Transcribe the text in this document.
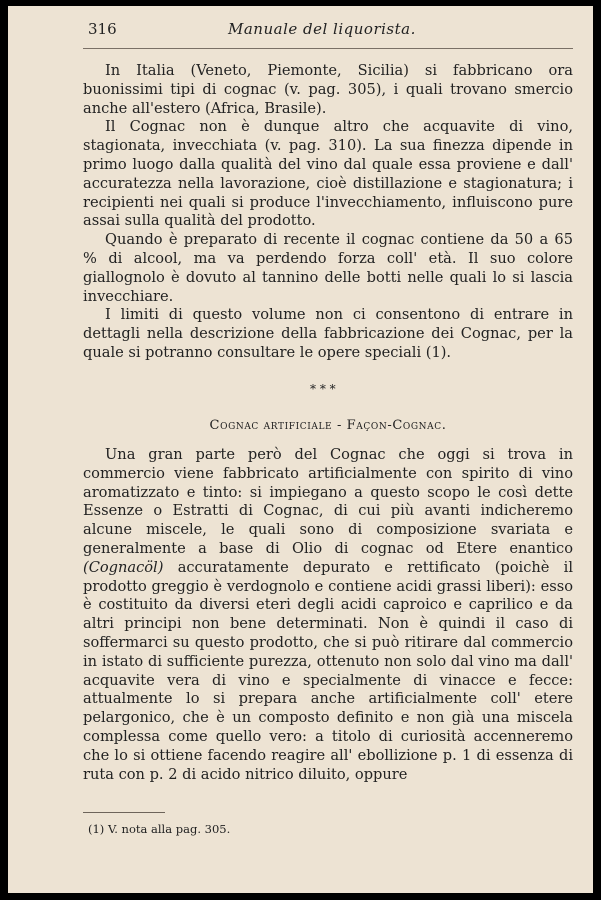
316	Manuale del liquorista.

In Italia (Veneto, Piemonte, Sicilia) si fabbricano ora buonissimi tipi di cognac (v. pag. 305), i quali trovano smercio anche all'estero (Africa, Brasile).

Il Cognac non è dunque altro che acquavite di vino, stagionata, invecchiata (v. pag. 310). La sua finezza dipende in primo luogo dalla qualità del vino dal quale essa proviene e dall' accuratezza nella lavorazione, cioè distillazione e stagionatura; i recipienti nei quali si produce l'invecchiamento, influiscono pure assai sulla qualità del prodotto.

Quando è preparato di recente il cognac contiene da 50 a 65 % di alcool, ma va perdendo forza coll' età. Il suo colore giallognolo è dovuto al tannino delle botti nelle quali lo si lascia invecchiare.

I limiti di questo volume non ci consentono di entrare in dettagli nella descrizione della fabbricazione dei Cognac, per la quale si potranno consultare le opere speciali (1).

* * *
Cognac artificiale - Façon-Cognac.

Una gran parte però del Cognac che oggi si trova in commercio viene fabbricato artificialmente con spirito di vino aromatizzato e tinto: si impiegano a questo scopo le così dette Essenze o Estratti di Cognac, di cui più avanti indicheremo alcune miscele, le quali sono di composizione svariata e generalmente a base di Olio di cognac od Etere enantico (Cognacöl) accuratamente depurato e rettificato (poichè il prodotto greggio è verdognolo e contiene acidi grassi liberi): esso è costituito da diversi eteri degli acidi caproico e caprilico e da altri principi non bene determinati. Non è quindi il caso di soffermarci su questo prodotto, che si può ritirare dal commercio in istato di sufficiente purezza, ottenuto non solo dal vino ma dall' acquavite vera di vino e specialmente di vinacce e fecce: attualmente lo si prepara anche artificialmente coll' etere pelargonico, che è un composto definito e non già una miscela complessa come quello vero: a titolo di curiosità accenneremo che lo si ottiene facendo reagire all' ebollizione p. 1 di essenza di ruta con p. 2 di acido nitrico diluito, oppure

(1) V. nota alla pag. 305.
